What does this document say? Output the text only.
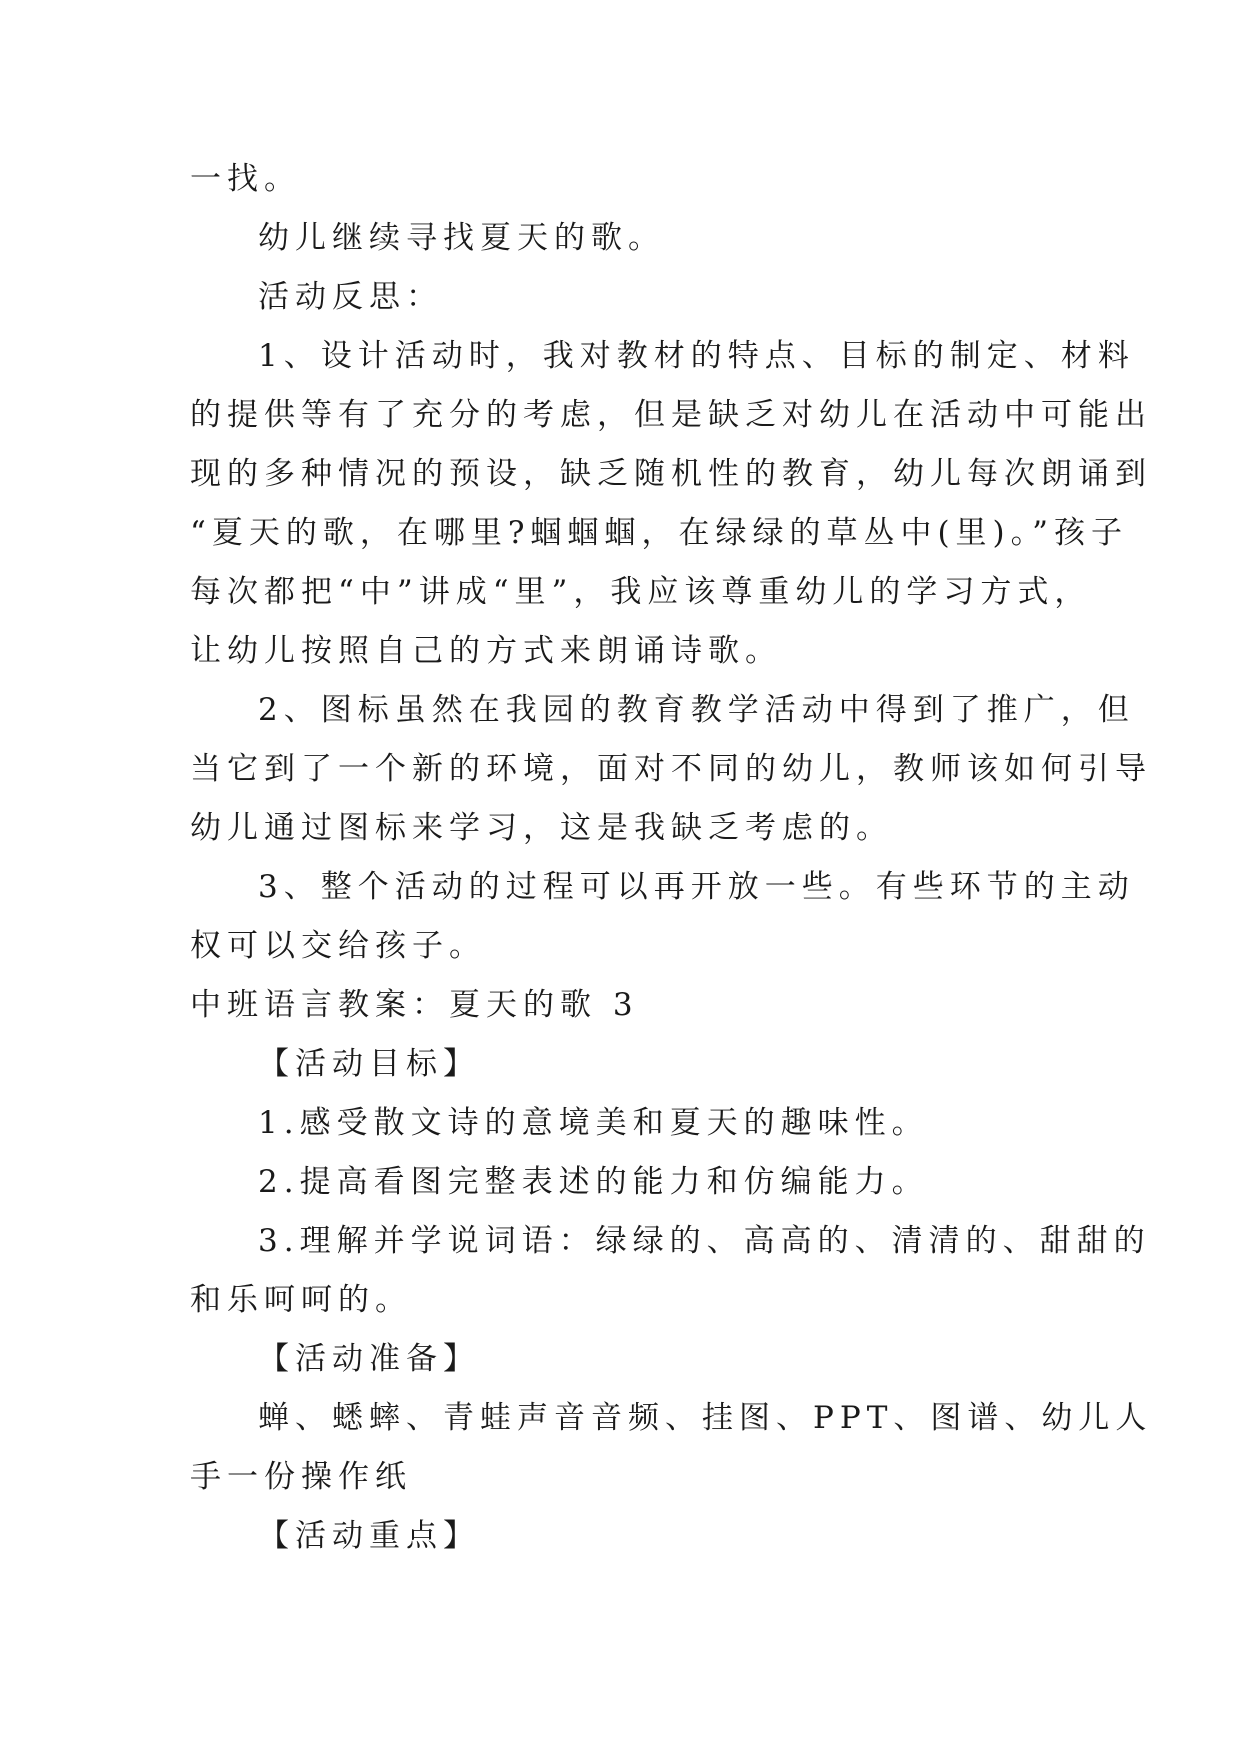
一找。
幼儿继续寻找夏天的歌。
活动反思：
1、设计活动时，我对教材的特点、目标的制定、材料
的提供等有了充分的考虑，但是缺乏对幼儿在活动中可能出
现的多种情况的预设，缺乏随机性的教育，幼儿每次朗诵到
“夏天的歌，在哪里?蝈蝈蝈，在绿绿的草丛中(里)。”孩子
每次都把“中”讲成“里”，我应该尊重幼儿的学习方式，
让幼儿按照自己的方式来朗诵诗歌。
2、图标虽然在我园的教育教学活动中得到了推广，但
当它到了一个新的环境，面对不同的幼儿，教师该如何引导
幼儿通过图标来学习，这是我缺乏考虑的。
3、整个活动的过程可以再开放一些。有些环节的主动
权可以交给孩子。
中班语言教案：夏天的歌 3
【活动目标】
1.感受散文诗的意境美和夏天的趣味性。
2.提高看图完整表述的能力和仿编能力。
3.理解并学说词语：绿绿的、高高的、清清的、甜甜的
和乐呵呵的。
【活动准备】
蝉、蟋蟀、青蛙声音音频、挂图、PPT、图谱、幼儿人
手一份操作纸
【活动重点】
